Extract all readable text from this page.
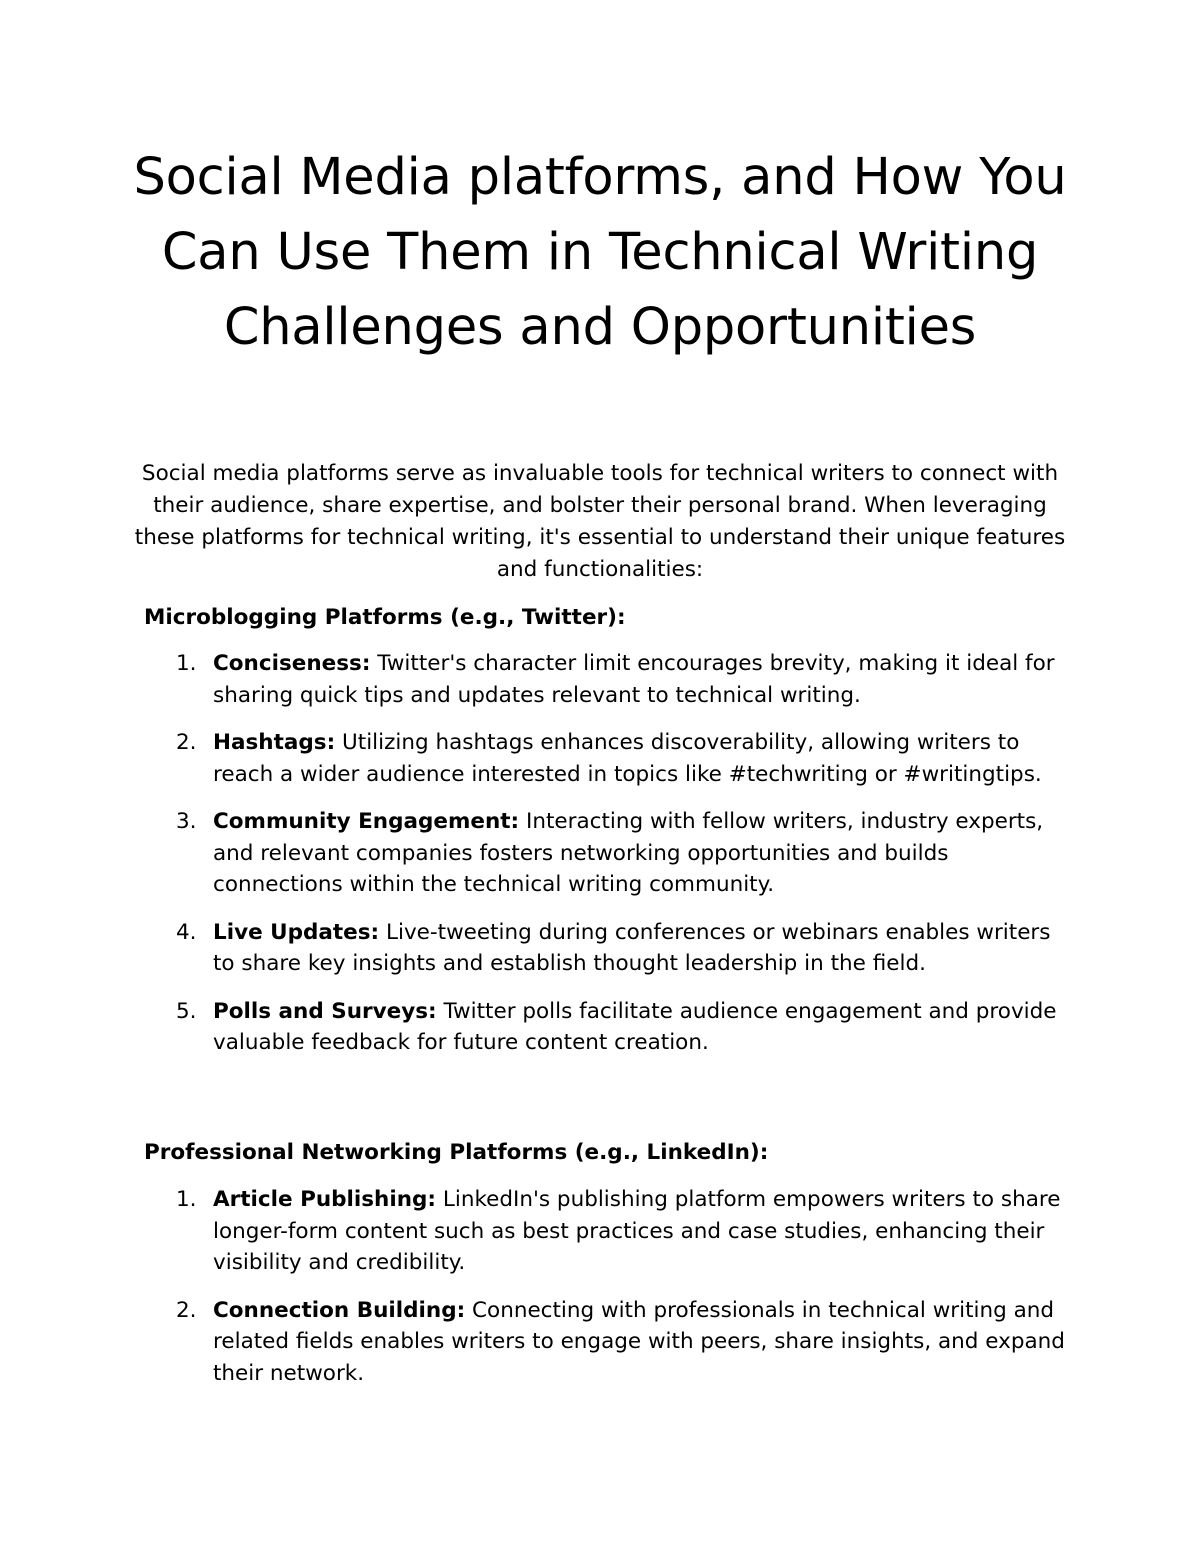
Social Media platforms, and How You Can Use Them in Technical Writing Challenges and Opportunities

Social media platforms serve as invaluable tools for technical writers to connect with their audience, share expertise, and bolster their personal brand. When leveraging these platforms for technical writing, it's essential to understand their unique features and functionalities:

Microblogging Platforms (e.g., Twitter):
1. Conciseness: Twitter's character limit encourages brevity, making it ideal for sharing quick tips and updates relevant to technical writing.
2. Hashtags: Utilizing hashtags enhances discoverability, allowing writers to reach a wider audience interested in topics like #techwriting or #writingtips.
3. Community Engagement: Interacting with fellow writers, industry experts, and relevant companies fosters networking opportunities and builds connections within the technical writing community.
4. Live Updates: Live-tweeting during conferences or webinars enables writers to share key insights and establish thought leadership in the field.
5. Polls and Surveys: Twitter polls facilitate audience engagement and provide valuable feedback for future content creation.
Professional Networking Platforms (e.g., LinkedIn):
1. Article Publishing: LinkedIn's publishing platform empowers writers to share longer-form content such as best practices and case studies, enhancing their visibility and credibility.
2. Connection Building: Connecting with professionals in technical writing and related fields enables writers to engage with peers, share insights, and expand their network.
